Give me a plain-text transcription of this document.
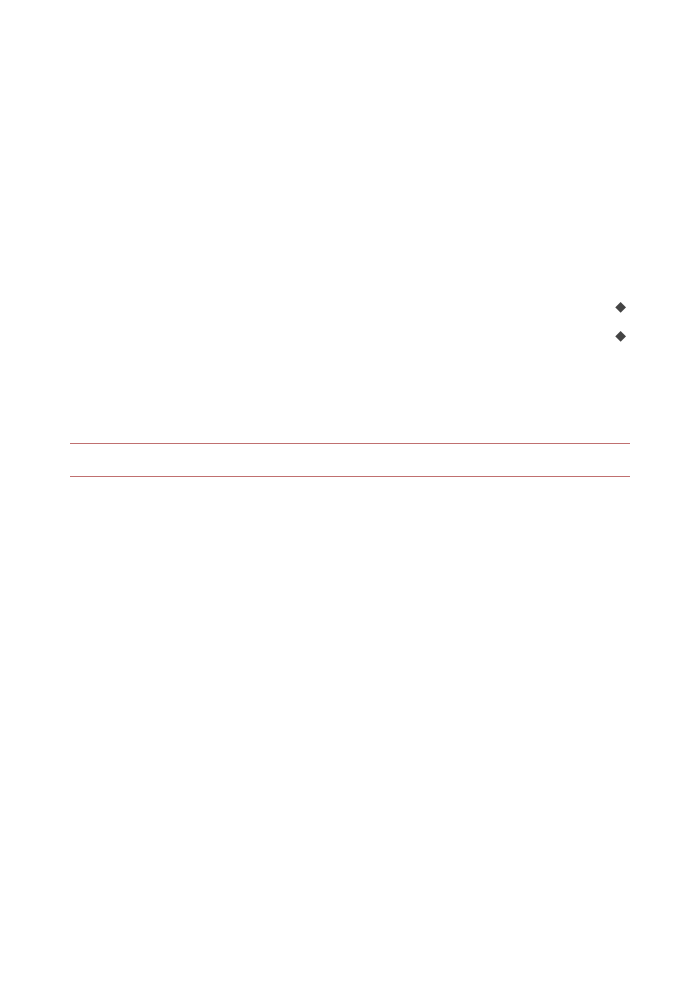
◆
◆
